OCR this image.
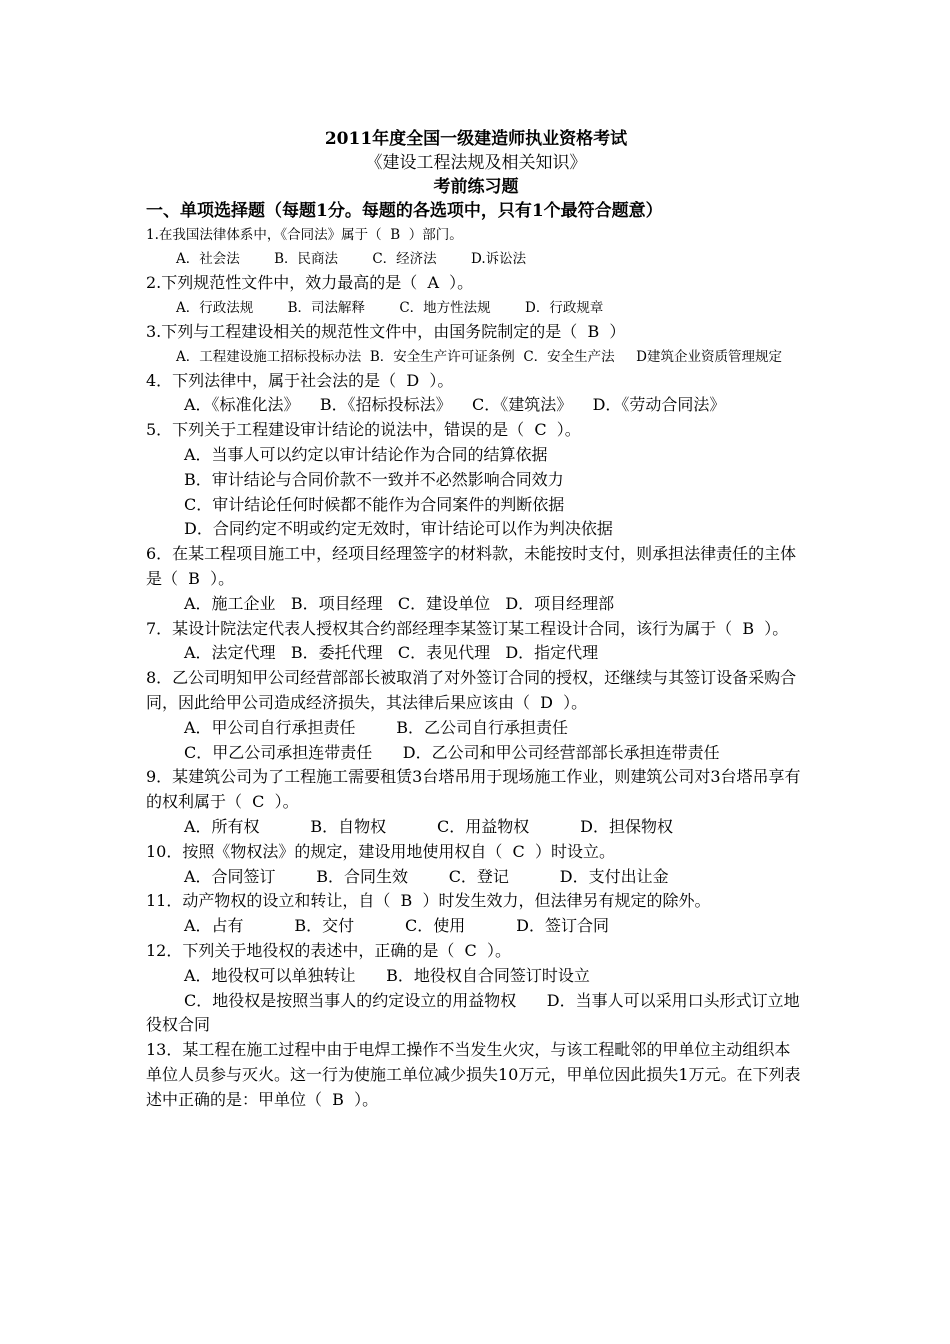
2011年度全国一级建造师执业资格考试
《建设工程法规及相关知识》
考前练习题
一、单项选择题（每题1分。每题的各选项中，只有1个最符合题意）
1.在我国法律体系中，《合同法》属于（  B  ）部门。
A．社会法        B．民商法        C．经济法        D.诉讼法
2.下列规范性文件中，效力最高的是（  A  ）。
A．行政法规        B．司法解释        C．地方性法规        D．行政规章
3.下列与工程建设相关的规范性文件中，由国务院制定的是（  B  ）
A．工程建设施工招标投标办法  B．安全生产许可证条例  C．安全生产法     D建筑企业资质管理规定
4．下列法律中，属于社会法的是（  D  ）。
A．《标准化法》    B．《招标投标法》    C．《建筑法》    D．《劳动合同法》
5．下列关于工程建设审计结论的说法中，错误的是（  C  ）。
A．当事人可以约定以审计结论作为合同的结算依据
B．审计结论与合同价款不一致并不必然影响合同效力
C．审计结论任何时候都不能作为合同案件的判断依据
D．合同约定不明或约定无效时，审计结论可以作为判决依据
6．在某工程项目施工中，经项目经理签字的材料款，未能按时支付，则承担法律责任的主体是（  B  ）。
A．施工企业   B．项目经理   C．建设单位   D．项目经理部
7．某设计院法定代表人授权其合约部经理李某签订某工程设计合同，该行为属于（  B  ）。
A．法定代理   B．委托代理   C．表见代理   D．指定代理
8．乙公司明知甲公司经营部部长被取消了对外签订合同的授权，还继续与其签订设备采购合同，因此给甲公司造成经济损失，其法律后果应该由（  D  ）。
A．甲公司自行承担责任        B．乙公司自行承担责任
C．甲乙公司承担连带责任      D．乙公司和甲公司经营部部长承担连带责任
9．某建筑公司为了工程施工需要租赁3台塔吊用于现场施工作业，则建筑公司对3台塔吊享有的权利属于（  C  ）。
A．所有权          B．自物权          C．用益物权          D．担保物权
10．按照《物权法》的规定，建设用地使用权自（  C  ）时设立。
A．合同签订        B．合同生效        C．登记          D．支付出让金
11．动产物权的设立和转让，自（  B  ）时发生效力，但法律另有规定的除外。
A．占有          B．交付          C．使用          D．签订合同
12．下列关于地役权的表述中，正确的是（  C  ）。
A．地役权可以单独转让      B．地役权自合同签订时设立
C．地役权是按照当事人的约定设立的用益物权      D．当事人可以采用口头形式订立地役权合同
13．某工程在施工过程中由于电焊工操作不当发生火灾，与该工程毗邻的甲单位主动组织本单位人员参与灭火。这一行为使施工单位减少损失10万元，甲单位因此损失1万元。在下列表述中正确的是：甲单位（  B  ）。
